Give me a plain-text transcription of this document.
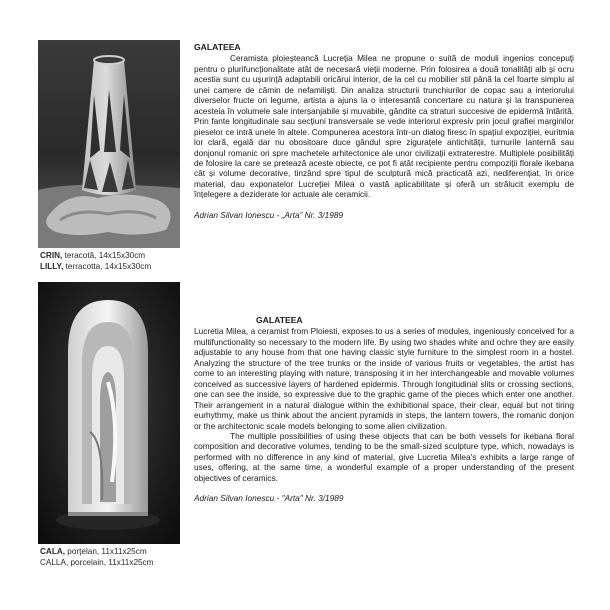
CRIN, teracotă, 14x15x30cm
LILLY, terracotta, 14x15x30cm
CALA, porțelan, 11x11x25cm
CALLA, porcelain, 11x11x25cm
GALATEEA

Ceramista ploieșteancă Lucreția Milea ne propune o suită de moduli ingenios concepuți pentru o plurifuncționalitate atât de necesară vieții moderne. Prin folosirea a două tonalități alb și ocru acestia sunt cu ușurință adaptabili oricărui interior, de la cel cu mobilier stil până la cel foarte simplu al unei camere de cămin de nefamiliști. Din analiza structurii trunchiurilor de copac sau a interiorului diverselor fructe ori legume, artista a ajuns la o interesantă concertare cu natura și la transpunerea acesteia în volumele sale interșanjabile și muvabile, gândite ca straturi succesive de epidermă întărită. Prin fante longitudinale sau secțiuni transversale se vede interiorul expresiv prin jocul grafiei marginilor pieselor ce intră unele în altele. Compunerea acestora într-un dialog firesc în spațiul expoziției, euritmia lor clară, egală dar nu obositoare duce gândul spre zigurațele antichității, turnurile lanternă sau donjonul romanic ori spre machetele arhitectonice ale unor civilizații extraterestre. Multiplele posibilități de folosire la care se pretează aceste obiecte, ce pot fi atât recipiente pentru compoziții florale ikebana cât și volume decorative, tinzând spre tipul de sculptură mică practicată azi, nediferențiat, în orice material, dau exponatelor Lucreției Milea o vastă aplicabilitate și oferă un strălucit exemplu de înțelegere a deziderate lor actuale ale ceramicii.

Adrian Silvan Ionescu - „Arta” Nr. 3/1989
GALATEEA

Lucretia Milea, a ceramist from Ploiesti, exposes to us a series of modules, ingeniously conceived for a multifunctionality so necessary to the modern life. By using two shades white and ochre they are easily adjustable to any house from that one having classic style furniture to the simplest room in a hostel. Analyzing the structure of the tree trunks or the inside of various fruits or vegetables, the artist has come to an interesting playing with nature, transposing it in her interchangeable and movable volumes conceived as successive layers of hardened epidermis. Through longitudinal slits or crossing sections, one can see the inside, so expressive due to the graphic game of the pieces which enter one another. Their arrangement in a natural dialogue within the exhibitional space, their clear, equal but not tiring eurhythmy, make us think about the ancient pyramids in steps, the lantern towers, the romanic donjon or the architectonic scale models belonging to some alien civilization.

The multiple possibilities of using these objects that can be both vessels for ikebana floral composition and decorative volumes, tending to be the small-sized sculpture type, which, nowadays is performed with no difference in any kind of material, give Lucretia Milea's exhibits a large range of uses, offering, at the same time, a wonderful example of a proper understanding of the present objectives of ceramics.

Adrian Silvan Ionescu - "Arta" Nr. 3/1989
